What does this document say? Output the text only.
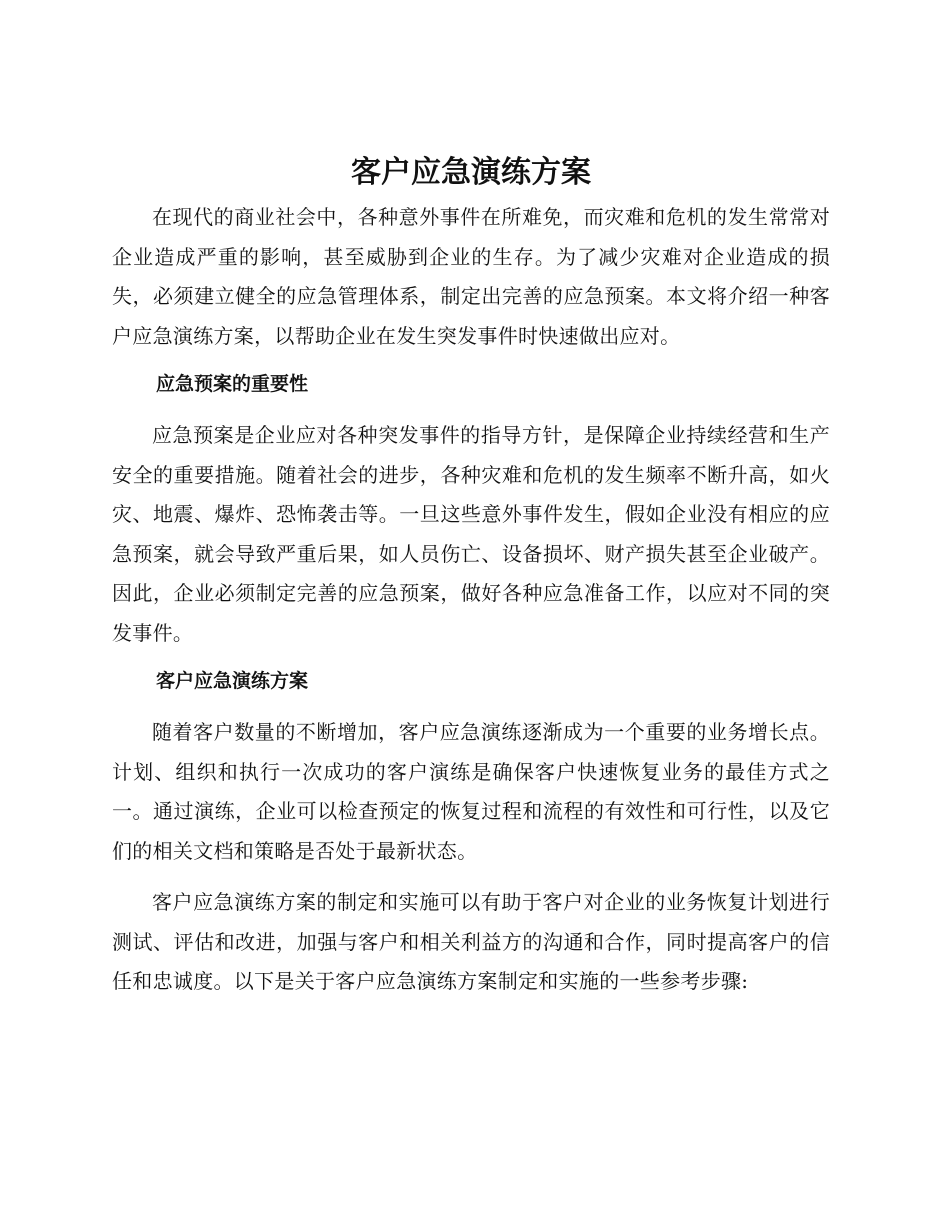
客户应急演练方案

在现代的商业社会中，各种意外事件在所难免，而灾难和危机的发生常常对企业造成严重的影响，甚至威胁到企业的生存。为了减少灾难对企业造成的损失，必须建立健全的应急管理体系，制定出完善的应急预案。本文将介绍一种客户应急演练方案，以帮助企业在发生突发事件时快速做出应对。

应急预案的重要性

应急预案是企业应对各种突发事件的指导方针，是保障企业持续经营和生产安全的重要措施。随着社会的进步，各种灾难和危机的发生频率不断升高，如火灾、地震、爆炸、恐怖袭击等。一旦这些意外事件发生，假如企业没有相应的应急预案，就会导致严重后果，如人员伤亡、设备损坏、财产损失甚至企业破产。因此，企业必须制定完善的应急预案，做好各种应急准备工作，以应对不同的突发事件。

客户应急演练方案

随着客户数量的不断增加，客户应急演练逐渐成为一个重要的业务增长点。计划、组织和执行一次成功的客户演练是确保客户快速恢复业务的最佳方式之一。通过演练，企业可以检查预定的恢复过程和流程的有效性和可行性，以及它们的相关文档和策略是否处于最新状态。

客户应急演练方案的制定和实施可以有助于客户对企业的业务恢复计划进行测试、评估和改进，加强与客户和相关利益方的沟通和合作，同时提高客户的信任和忠诚度。以下是关于客户应急演练方案制定和实施的一些参考步骤:
